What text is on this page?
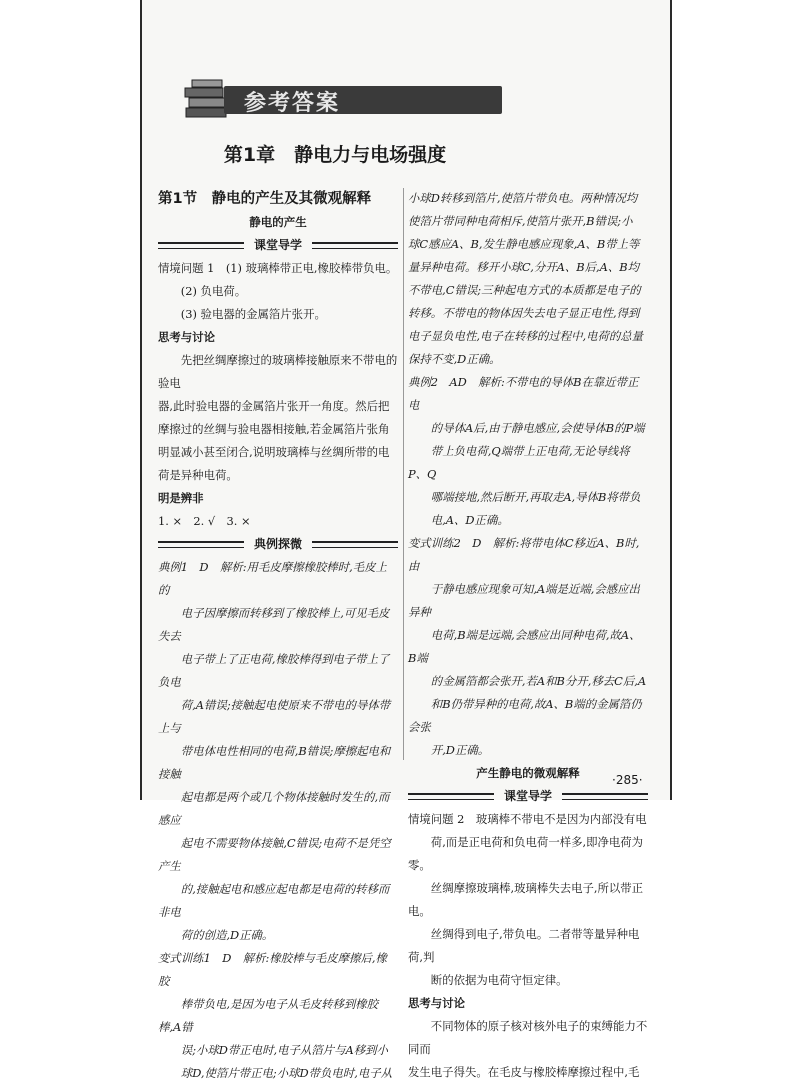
参考答案
第1章　静电力与电场强度
第1节　静电的产生及其微观解释
静电的产生
课堂导学

情境问题 1　(1) 玻璃棒带正电,橡胶棒带负电。

(2) 负电荷。

(3) 验电器的金属箔片张开。

思考与讨论

先把丝绸摩擦过的玻璃棒接触原来不带电的验电

器,此时验电器的金属箔片张开一角度。然后把

摩擦过的丝绸与验电器相接触,若金属箔片张角

明显减小甚至闭合,说明玻璃棒与丝绸所带的电

荷是异种电荷。

明是辨非

1. ×　2. √　3. ×

典例探微

典例1　D　解析:用毛皮摩擦橡胶棒时,毛皮上的

电子因摩擦而转移到了橡胶棒上,可见毛皮失去

电子带上了正电荷,橡胶棒得到电子带上了负电

荷,A错误;接触起电使原来不带电的导体带上与

带电体电性相同的电荷,B错误;摩擦起电和接触

起电都是两个或几个物体接触时发生的,而感应

起电不需要物体接触,C错误;电荷不是凭空产生

的,接触起电和感应起电都是电荷的转移而非电

荷的创造,D正确。

变式训练1　D　解析:橡胶棒与毛皮摩擦后,橡胶

棒带负电,是因为电子从毛皮转移到橡胶棒,A错

误;小球D带正电时,电子从箔片与A移到小

球D,使箔片带正电;小球D带负电时,电子从

小球D转移到箔片,使箔片带负电。两种情况均

使箔片带同种电荷相斥,使箔片张开,B错误;小

球C感应A、B,发生静电感应现象,A、B带上等

量异种电荷。移开小球C,分开A、B后,A、B均

不带电,C错误;三种起电方式的本质都是电子的

转移。不带电的物体因失去电子显正电性,得到

电子显负电性,电子在转移的过程中,电荷的总量

保持不变,D正确。

典例2　AD　解析:不带电的导体B在靠近带正电

的导体A后,由于静电感应,会使导体B的P端

带上负电荷,Q端带上正电荷,无论导线将P、Q

哪端接地,然后断开,再取走A,导体B将带负

电,A、D正确。

变式训练2　D　解析:将带电体C移近A、B时,由

于静电感应现象可知,A端是近端,会感应出异种

电荷,B端是远端,会感应出同种电荷,故A、B端

的金属箔都会张开,若A和B分开,移去C后,A

和B仍带异种的电荷,故A、B端的金属箔仍会张

开,D正确。

产生静电的微观解释
课堂导学

情境问题 2　玻璃棒不带电不是因为内部没有电

荷,而是正电荷和负电荷一样多,即净电荷为零。

丝绸摩擦玻璃棒,玻璃棒失去电子,所以带正电。

丝绸得到电子,带负电。二者带等量异种电荷,判

断的依据为电荷守恒定律。

思考与讨论

不同物体的原子核对核外电子的束缚能力不同而

发生电子得失。在毛皮与橡胶棒摩擦过程中,毛

·285·
